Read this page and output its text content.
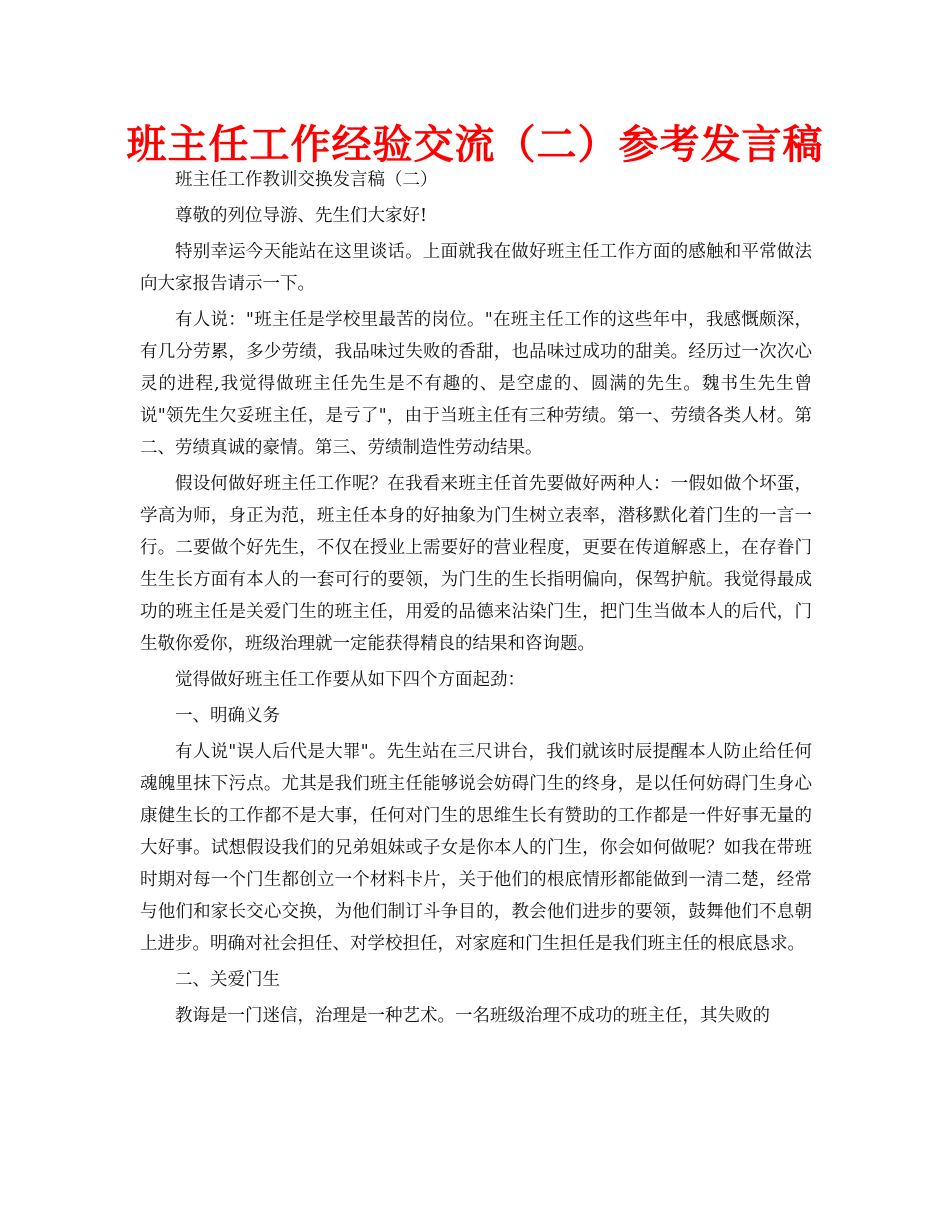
班主任工作经验交流（二）参考发言稿

班主任工作教训交换发言稿（二）

尊敬的列位导游、先生们大家好!

特别幸运今天能站在这里谈话。上面就我在做好班主任工作方面的感触和平常做法向大家报告请示一下。

有人说："班主任是学校里最苦的岗位。"在班主任工作的这些年中，我感慨颇深，有几分劳累，多少劳绩，我品味过失败的香甜，也品味过成功的甜美。经历过一次次心灵的进程,我觉得做班主任先生是不有趣的、是空虚的、圆满的先生。魏书生先生曾说"领先生欠妥班主任，是亏了"，由于当班主任有三种劳绩。第一、劳绩各类人材。第二、劳绩真诚的豪情。第三、劳绩制造性劳动结果。

假设何做好班主任工作呢？在我看来班主任首先要做好两种人：一假如做个坏蛋，学高为师，身正为范，班主任本身的好抽象为门生树立表率，潜移默化着门生的一言一行。二要做个好先生，不仅在授业上需要好的营业程度，更要在传道解惑上，在存眷门生生长方面有本人的一套可行的要领，为门生的生长指明偏向，保驾护航。我觉得最成功的班主任是关爱门生的班主任，用爱的品德来沾染门生，把门生当做本人的后代，门生敬你爱你，班级治理就一定能获得精良的结果和咨询题。

觉得做好班主任工作要从如下四个方面起劲：

一、明确义务

有人说"误人后代是大罪"。先生站在三尺讲台，我们就该时辰提醒本人防止给任何魂魄里抹下污点。尤其是我们班主任能够说会妨碍门生的终身，是以任何妨碍门生身心康健生长的工作都不是大事，任何对门生的思维生长有赞助的工作都是一件好事无量的大好事。试想假设我们的兄弟姐妹或子女是你本人的门生，你会如何做呢？如我在带班时期对每一个门生都创立一个材料卡片，关于他们的根底情形都能做到一清二楚，经常与他们和家长交心交换，为他们制订斗争目的，教会他们进步的要领，鼓舞他们不息朝上进步。明确对社会担任、对学校担任，对家庭和门生担任是我们班主任的根底恳求。

二、关爱门生

教诲是一门迷信，治理是一种艺术。一名班级治理不成功的班主任，其失败的
